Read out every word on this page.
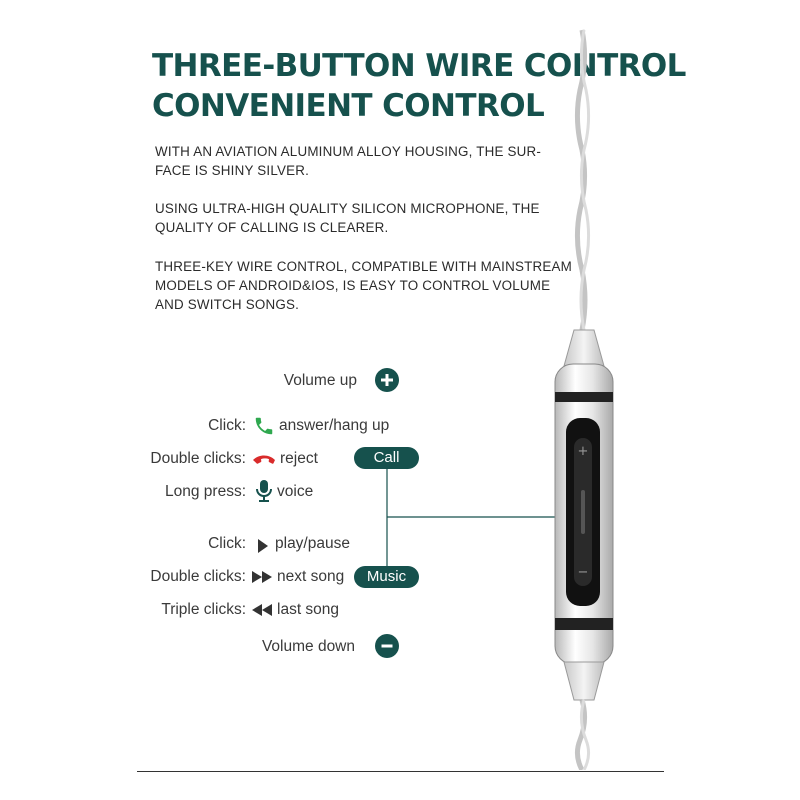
THREE-BUTTON WIRE CONTROL
CONVENIENT CONTROL
WITH AN AVIATION ALUMINUM ALLOY HOUSING, THE SUR-FACE IS SHINY SILVER.
USING ULTRA-HIGH QUALITY SILICON MICROPHONE, THE QUALITY OF CALLING IS CLEARER.
THREE-KEY WIRE CONTROL, COMPATIBLE WITH MAINSTREAM MODELS OF ANDROID&IOS, IS EASY TO CONTROL VOLUME AND SWITCH SONGS.
Volume up
Click: answer/hang up
Double clicks: reject
Long press: voice
Call
Click: play/pause
Double clicks: next song
Triple clicks: last song
Music
Volume down
+
−
